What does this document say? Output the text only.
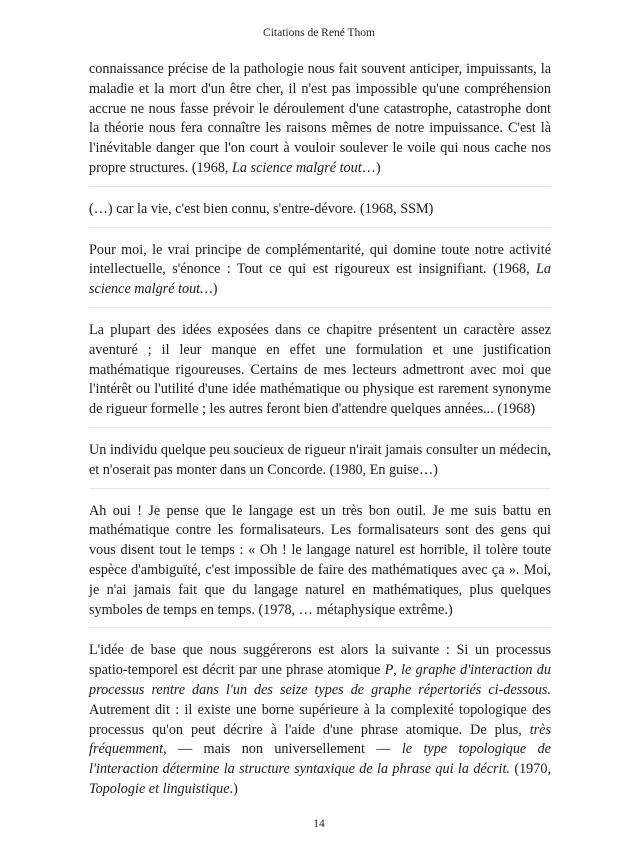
Citations de René Thom

connaissance précise de la pathologie nous fait souvent anticiper, impuissants, la maladie et la mort d'un être cher, il n'est pas impossible qu'une compréhension accrue ne nous fasse prévoir le déroulement d'une catastrophe, catastrophe dont la théorie nous fera connaître les raisons mêmes de notre impuissance. C'est là l'inévitable danger que l'on court à vouloir soulever le voile qui nous cache nos propre structures. (1968, La science malgré tout…)

(…) car la vie, c'est bien connu, s'entre-dévore. (1968, SSM)

Pour moi, le vrai principe de complémentarité, qui domine toute notre activité intellectuelle, s'énonce : Tout ce qui est rigoureux est insignifiant. (1968, La science malgré tout…)

La plupart des idées exposées dans ce chapitre présentent un caractère assez aventuré ; il leur manque en effet une formulation et une justification mathématique rigoureuses. Certains de mes lecteurs admettront avec moi que l'intérêt ou l'utilité d'une idée mathématique ou physique est rarement synonyme de rigueur formelle ; les autres feront bien d'attendre quelques années... (1968)

Un individu quelque peu soucieux de rigueur n'irait jamais consulter un médecin, et n'oserait pas monter dans un Concorde. (1980, En guise…)

Ah oui ! Je pense que le langage est un très bon outil. Je me suis battu en mathématique contre les formalisateurs. Les formalisateurs sont des gens qui vous disent tout le temps : « Oh ! le langage naturel est horrible, il tolère toute espèce d'ambiguïté, c'est impossible de faire des mathématiques avec ça ». Moi, je n'ai jamais fait que du langage naturel en mathématiques, plus quelques symboles de temps en temps. (1978, … métaphysique extrême.)

L'idée de base que nous suggérerons est alors la suivante : Si un processus spatio-temporel est décrit par une phrase atomique P, le graphe d'interaction du processus rentre dans l'un des seize types de graphe répertoriés ci-dessous. Autrement dit : il existe une borne supérieure à la complexité topologique des processus qu'on peut décrire à l'aide d'une phrase atomique. De plus, très fréquemment, — mais non universellement — le type topologique de l'interaction détermine la structure syntaxique de la phrase qui la décrit. (1970, Topologie et linguistique.)

14
